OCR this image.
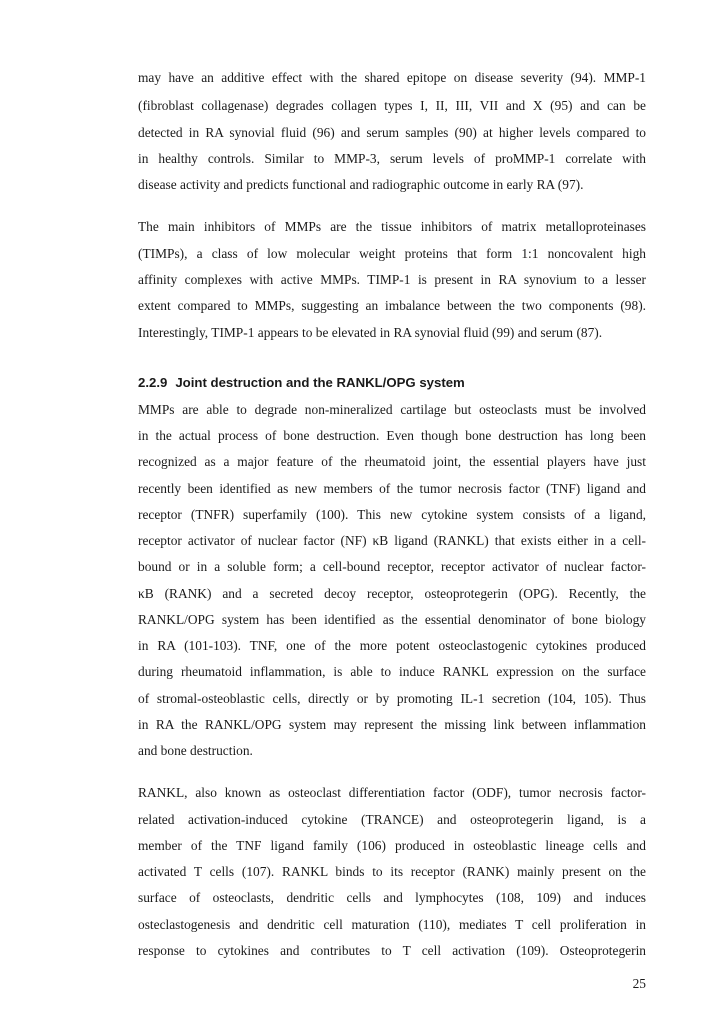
may have an additive effect with the shared epitope on disease severity (94). MMP-1
(fibroblast collagenase) degrades collagen types I, II, III, VII and X (95) and can be
detected in RA synovial fluid (96) and serum samples (90) at higher levels compared to
in healthy controls. Similar to MMP-3, serum levels of proMMP-1 correlate with
disease activity and predicts functional and radiographic outcome in early RA (97).
The main inhibitors of MMPs are the tissue inhibitors of matrix metalloproteinases
(TIMPs), a class of low molecular weight proteins that form 1:1 noncovalent high
affinity complexes with active MMPs. TIMP-1 is present in RA synovium to a lesser
extent compared to MMPs, suggesting an imbalance between the two components (98).
Interestingly, TIMP-1 appears to be elevated in RA synovial fluid (99) and serum (87).
2.2.9 Joint destruction and the RANKL/OPG system
MMPs are able to degrade non-mineralized cartilage but osteoclasts must be involved
in the actual process of bone destruction. Even though bone destruction has long been
recognized as a major feature of the rheumatoid joint, the essential players have just
recently been identified as new members of the tumor necrosis factor (TNF) ligand and
receptor (TNFR) superfamily (100). This new cytokine system consists of a ligand,
receptor activator of nuclear factor (NF) κB ligand (RANKL) that exists either in a cell-
bound or in a soluble form; a cell-bound receptor, receptor activator of nuclear factor-
κB (RANK) and a secreted decoy receptor, osteoprotegerin (OPG). Recently, the
RANKL/OPG system has been identified as the essential denominator of bone biology
in RA (101-103). TNF, one of the more potent osteoclastogenic cytokines produced
during rheumatoid inflammation, is able to induce RANKL expression on the surface
of stromal-osteoblastic cells, directly or by promoting IL-1 secretion (104, 105). Thus
in RA the RANKL/OPG system may represent the missing link between inflammation
and bone destruction.
RANKL, also known as osteoclast differentiation factor (ODF), tumor necrosis factor-
related activation-induced cytokine (TRANCE) and osteoprotegerin ligand, is a
member of the TNF ligand family (106) produced in osteoblastic lineage cells and
activated T cells (107). RANKL binds to its receptor (RANK) mainly present on the
surface of osteoclasts, dendritic cells and lymphocytes (108, 109) and induces
osteclastogenesis and dendritic cell maturation (110), mediates T cell proliferation in
response to cytokines and contributes to T cell activation (109). Osteoprotegerin
25
